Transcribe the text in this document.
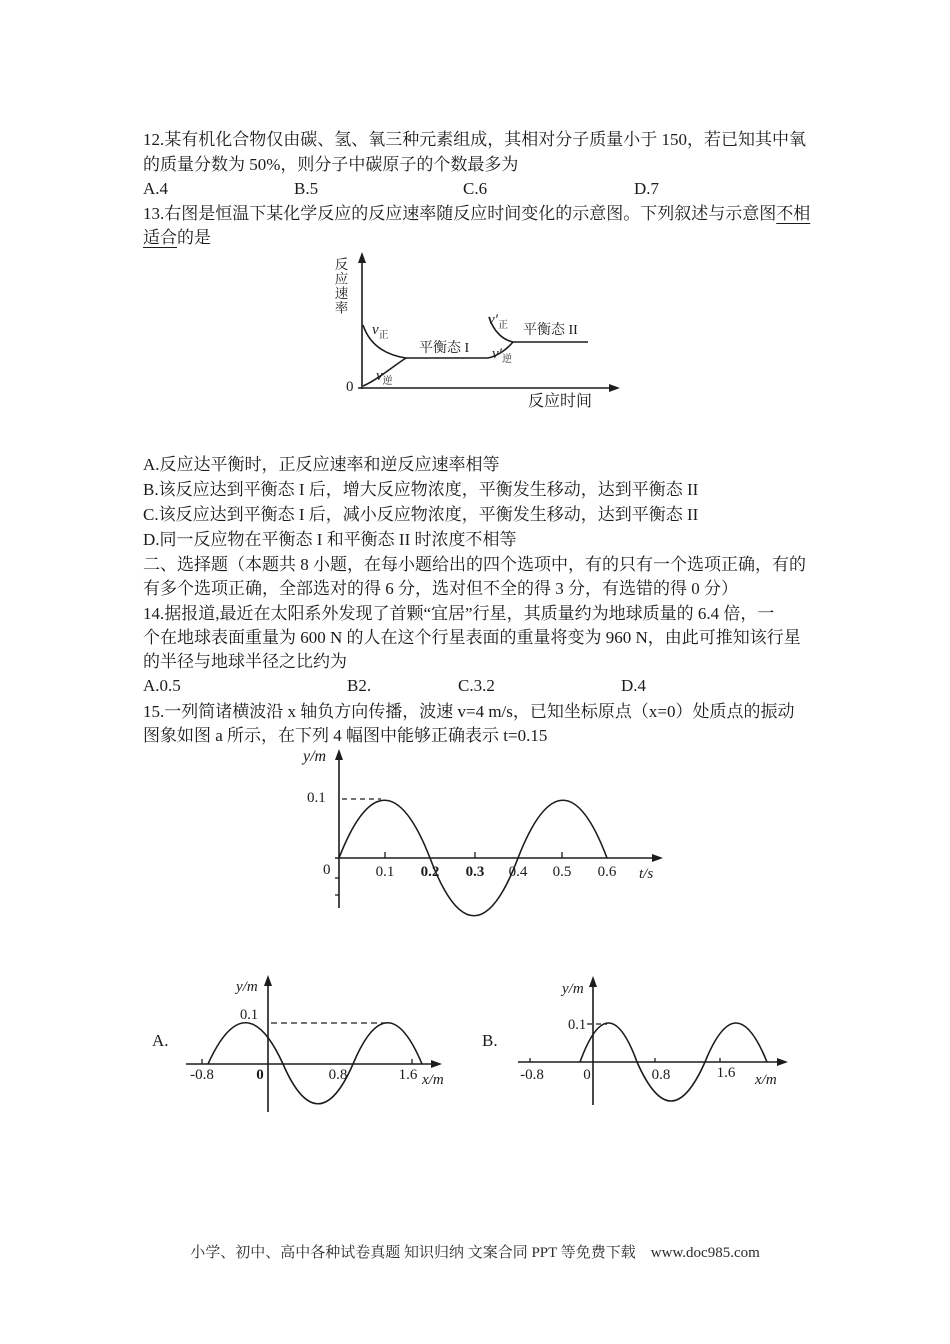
12.某有机化合物仅由碳、氢、氧三种元素组成，其相对分子质量小于 150，若已知其中氧
的质量分数为 50%，则分子中碳原子的个数最多为
A.4	B.5	C.6	D.7
13.右图是恒温下某化学反应的反应速率随反应时间变化的示意图。下列叙述与示意图不相
适合的是
反应速率
0
反应时间
$v_正$
$v_逆$
平衡态 I
$v'_正$
$v'_逆$
平衡态 II
A.反应达平衡时，正反应速率和逆反应速率相等
B.该反应达到平衡态 I 后，增大反应物浓度，平衡发生移动，达到平衡态 II
C.该反应达到平衡态 I 后，减小反应物浓度，平衡发生移动，达到平衡态 II
D.同一反应物在平衡态 I 和平衡态 II 时浓度不相等
二、选择题（本题共 8 小题，在每小题给出的四个选项中，有的只有一个选项正确，有的
有多个选项正确，全部选对的得 6 分，选对但不全的得 3 分，有选错的得 0 分）
14.据报道,最近在太阳系外发现了首颗“宜居”行星，其质量约为地球质量的 6.4 倍，一
个在地球表面重量为 600 N 的人在这个行星表面的重量将变为 960 N，由此可推知该行星
的半径与地球半径之比约为
A.0.5	B2.	C.3.2	D.4
15.一列简诸横波沿 x 轴负方向传播，波速 v=4 m/s，已知坐标原点（x=0）处质点的振动
图象如图 a 所示，在下列 4 幅图中能够正确表示 t=0.15
y/m
0.1
0	0.1 0.2 0.3 0.4 0.5 0.6 t/s
A.
y/m
0.1
-0.8	0	0.8	1.6 x/m
B.
y/m
0.1
-0.8	0	0.8	1.6 x/m
小学、初中、高中各种试卷真题 知识归纳 文案合同 PPT 等免费下载　www.doc985.com
